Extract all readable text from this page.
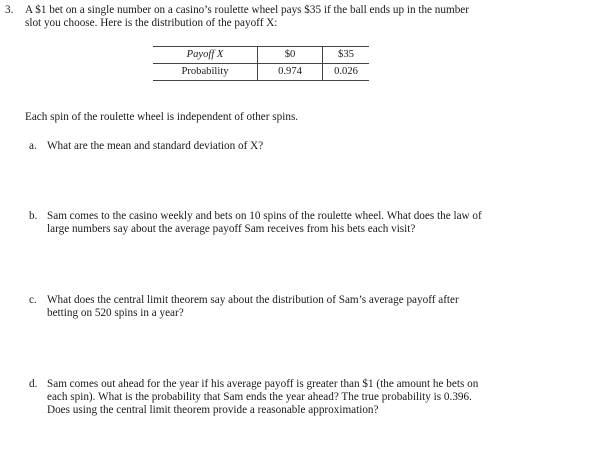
3.	A $1 bet on a single number on a casino’s roulette wheel pays $35 if the ball ends up in the number
slot you choose. Here is the distribution of the payoff X:
Payoff X	$0	$35
Probability	0.974	0.026
Each spin of the roulette wheel is independent of other spins.
a. What are the mean and standard deviation of X?
b. Sam comes to the casino weekly and bets on 10 spins of the roulette wheel. What does the law of
large numbers say about the average payoff Sam receives from his bets each visit?
c. What does the central limit theorem say about the distribution of Sam’s average payoff after
betting on 520 spins in a year?
d. Sam comes out ahead for the year if his average payoff is greater than $1 (the amount he bets on
each spin). What is the probability that Sam ends the year ahead? The true probability is 0.396.
Does using the central limit theorem provide a reasonable approximation?
